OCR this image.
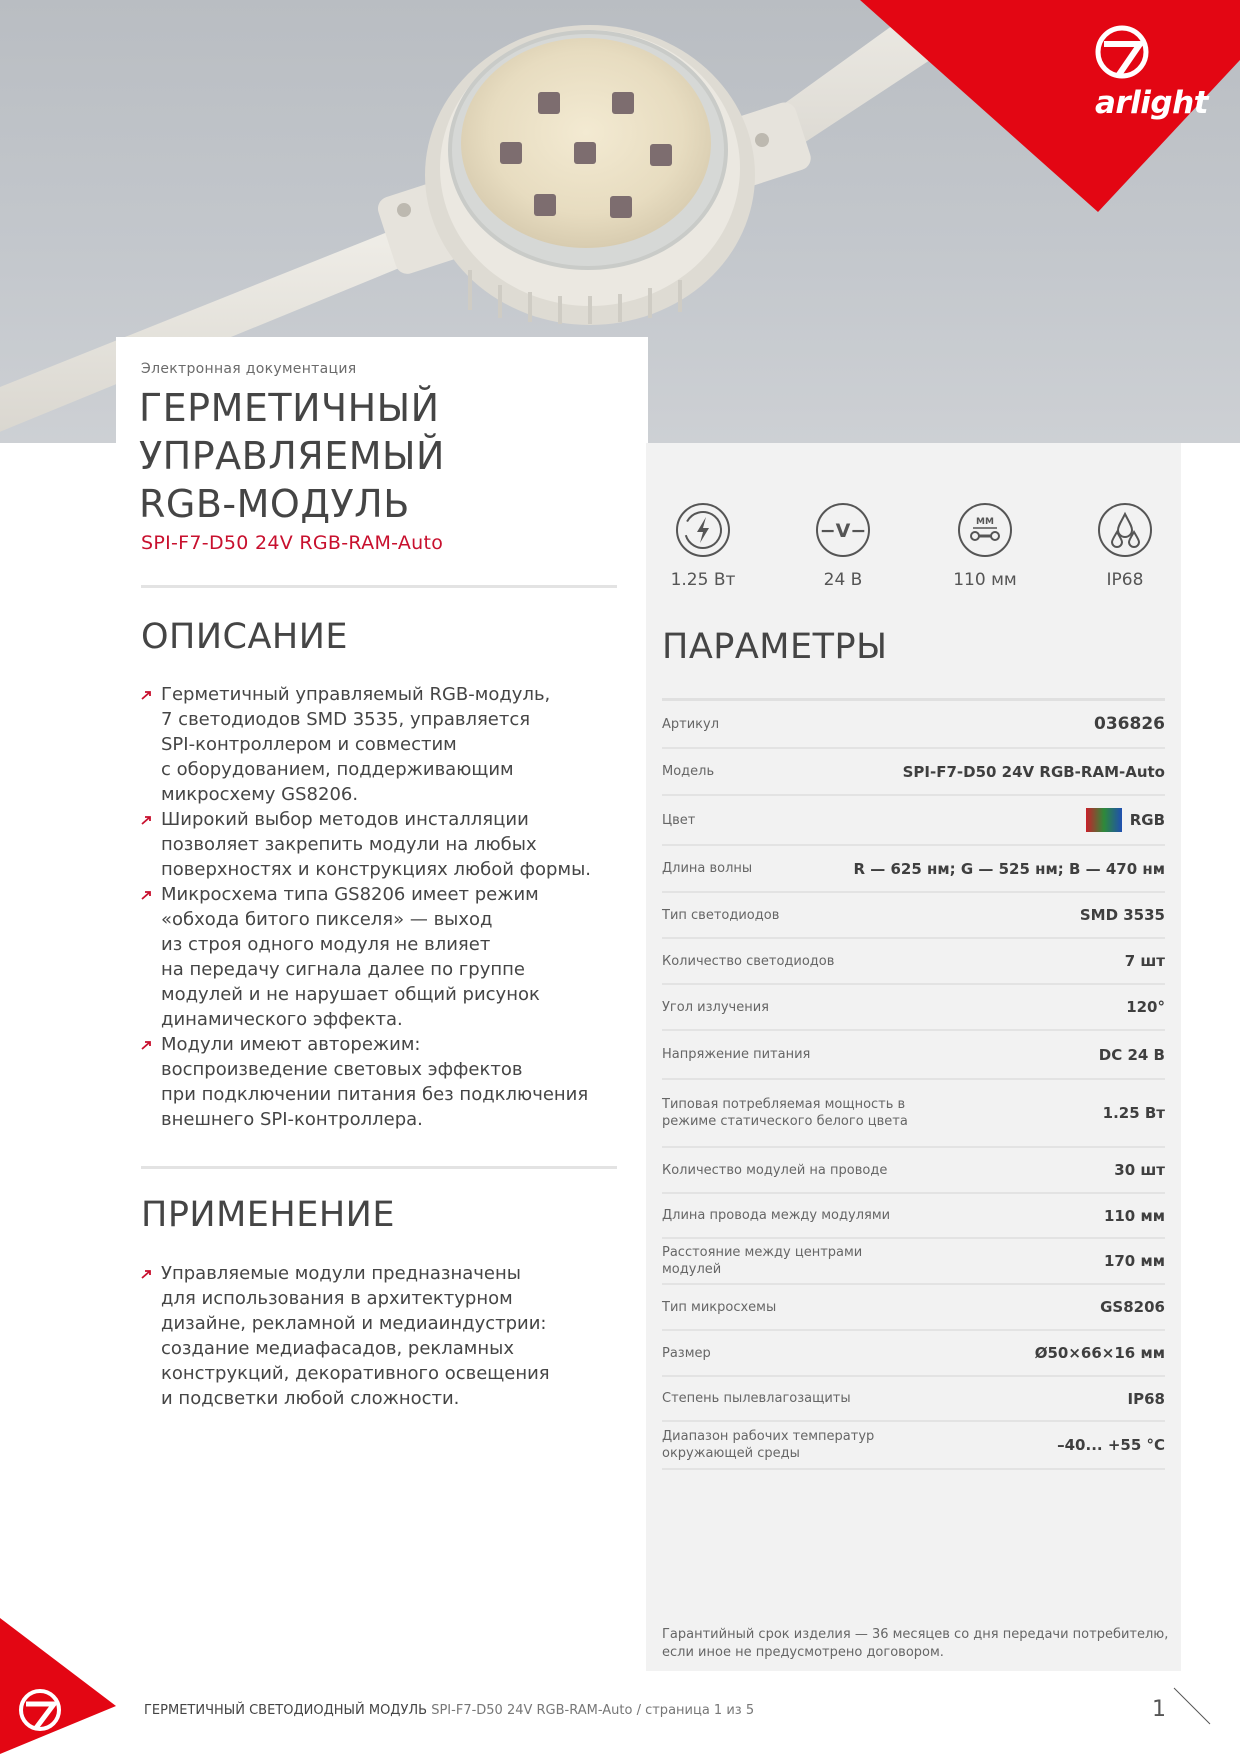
arlight
Электронная документация
ГЕРМЕТИЧНЫЙ
УПРАВЛЯЕМЫЙ
RGB-МОДУЛЬ
SPI-F7-D50 24V RGB-RAM-Auto
ОПИСАНИЕ
Герметичный управляемый RGB-модуль,
7 светодиодов SMD 3535, управляется
SPI-контроллером и совместим
с оборудованием, поддерживающим
микросхему GS8206.
Широкий выбор методов инсталляции
позволяет закрепить модули на любых
поверхностях и конструкциях любой формы.
Микросхема типа GS8206 имеет режим
«обхода битого пикселя» — выход
из строя одного модуля не влияет
на передачу сигнала далее по группе
модулей и не нарушает общий рисунок
динамического эффекта.
Модули имеют авторежим:
воспроизведение световых эффектов
при подключении питания без подключения
внешнего SPI-контроллера.
ПРИМЕНЕНИЕ
Управляемые модули предназначены
для использования в архитектурном
дизайне, рекламной и медиаиндустрии:
создание медиафасадов, рекламных
конструкций, декоративного освещения
и подсветки любой сложности.
1.25 Вт
−V−
24 В
ММ
110 мм	IP68
ПАРАМЕТРЫ
Артикул	036826
Модель	SPI-F7-D50 24V RGB-RAM-Auto
Цвет	RGB
Длина волны	R — 625 нм; G — 525 нм; B — 470 нм
Тип светодиодов	SMD 3535
Количество светодиодов	7 шт
Угол излучения	120°
Напряжение питания	DC 24 В
Типовая потребляемая мощность в режиме статического белого цвета	1.25 Вт
Количество модулей на проводе	30 шт
Длина провода между модулями	110 мм
Расстояние между центрами модулей	170 мм
Тип микросхемы	GS8206
Размер	Ø50×66×16 мм
Степень пылевлагозащиты	IP68
Диапазон рабочих температур окружающей среды	–40... +55 °C
Гарантийный срок изделия — 36 месяцев со дня передачи потребителю, если иное не предусмотрено договором.
ГЕРМЕТИЧНЫЙ СВЕТОДИОДНЫЙ МОДУЛЬ SPI-F7-D50 24V RGB-RAM-Auto / страница 1 из 5	1
